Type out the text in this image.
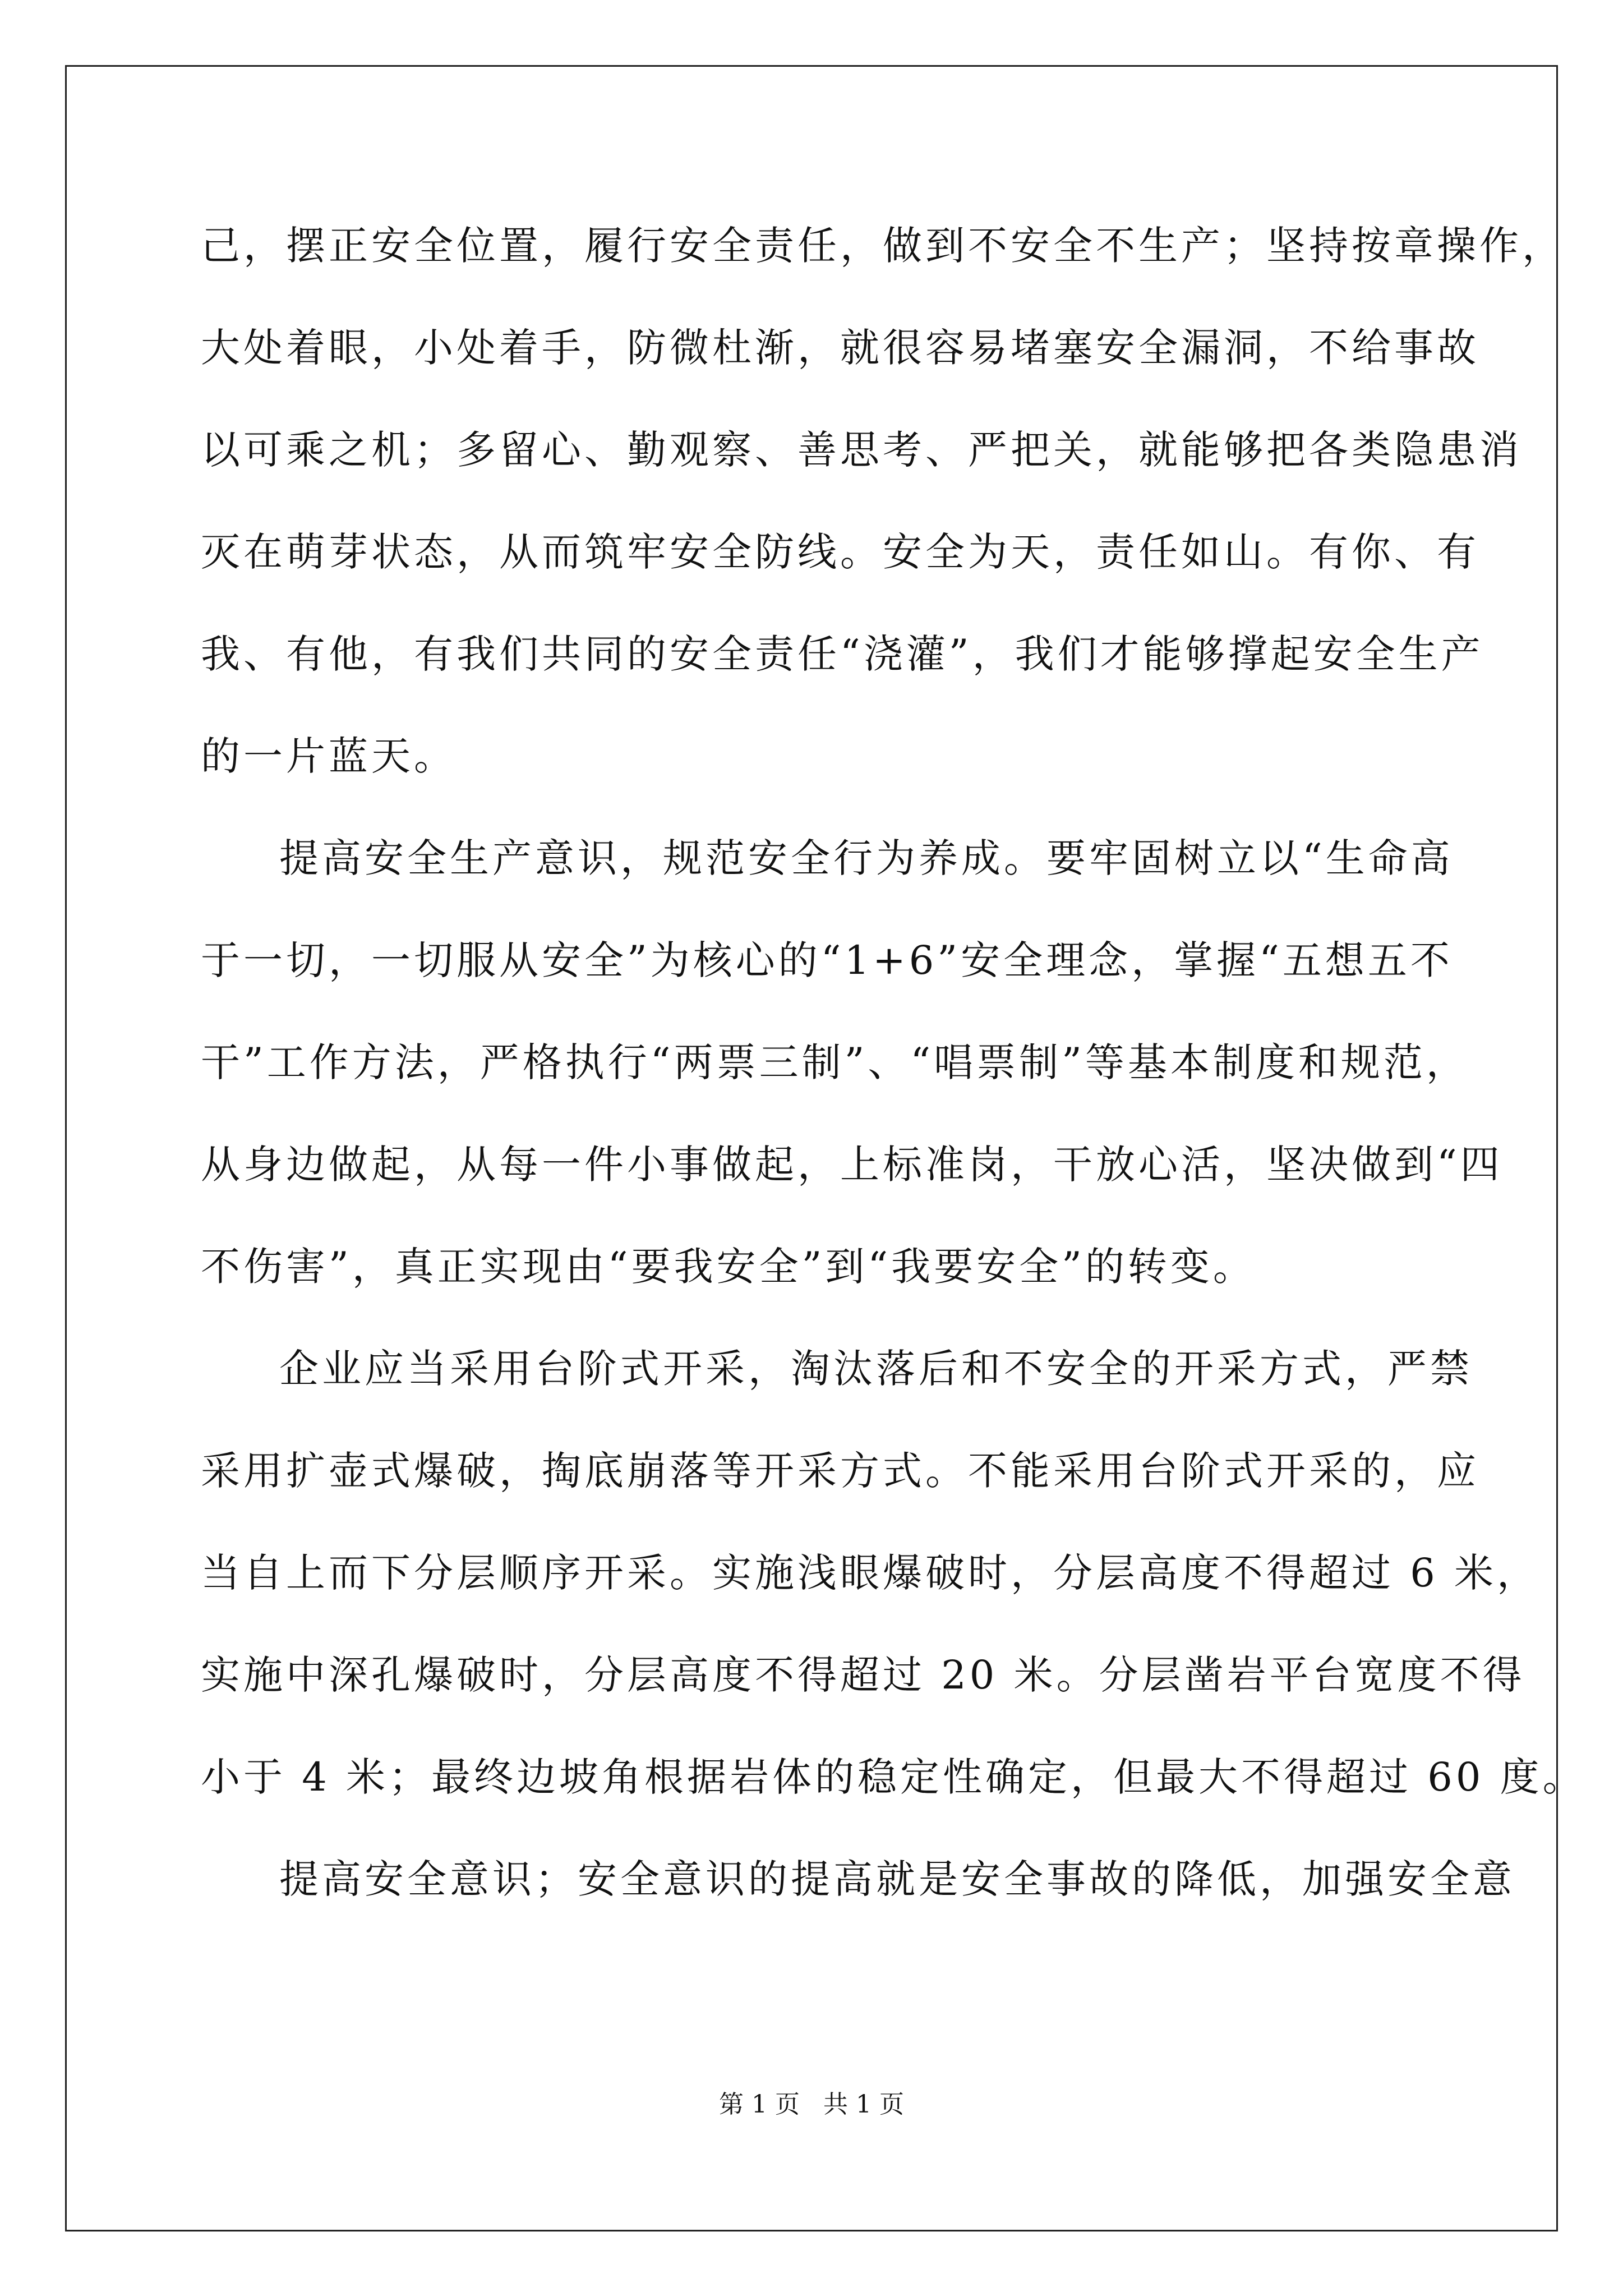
己，摆正安全位置，履行安全责任，做到不安全不生产；坚持按章操作，
大处着眼，小处着手，防微杜渐，就很容易堵塞安全漏洞，不给事故
以可乘之机；多留心、勤观察、善思考、严把关，就能够把各类隐患消
灭在萌芽状态，从而筑牢安全防线。安全为天，责任如山。有你、有
我、有他，有我们共同的安全责任“浇灌”，我们才能够撑起安全生产
的一片蓝天。
提高安全生产意识，规范安全行为养成。要牢固树立以“生命高
于一切，一切服从安全”为核心的“1+6”安全理念，掌握“五想五不
干”工作方法，严格执行“两票三制”、“唱票制”等基本制度和规范，
从身边做起，从每一件小事做起，上标准岗，干放心活，坚决做到“四
不伤害”，真正实现由“要我安全”到“我要安全”的转变。
企业应当采用台阶式开采，淘汰落后和不安全的开采方式，严禁
采用扩壶式爆破，掏底崩落等开采方式。不能采用台阶式开采的，应
当自上而下分层顺序开采。实施浅眼爆破时，分层高度不得超过 6 米，
实施中深孔爆破时，分层高度不得超过 20 米。分层凿岩平台宽度不得
小于 4 米；最终边坡角根据岩体的稳定性确定，但最大不得超过 60 度。
提高安全意识；安全意识的提高就是安全事故的降低，加强安全意
第 1 页   共 1 页
